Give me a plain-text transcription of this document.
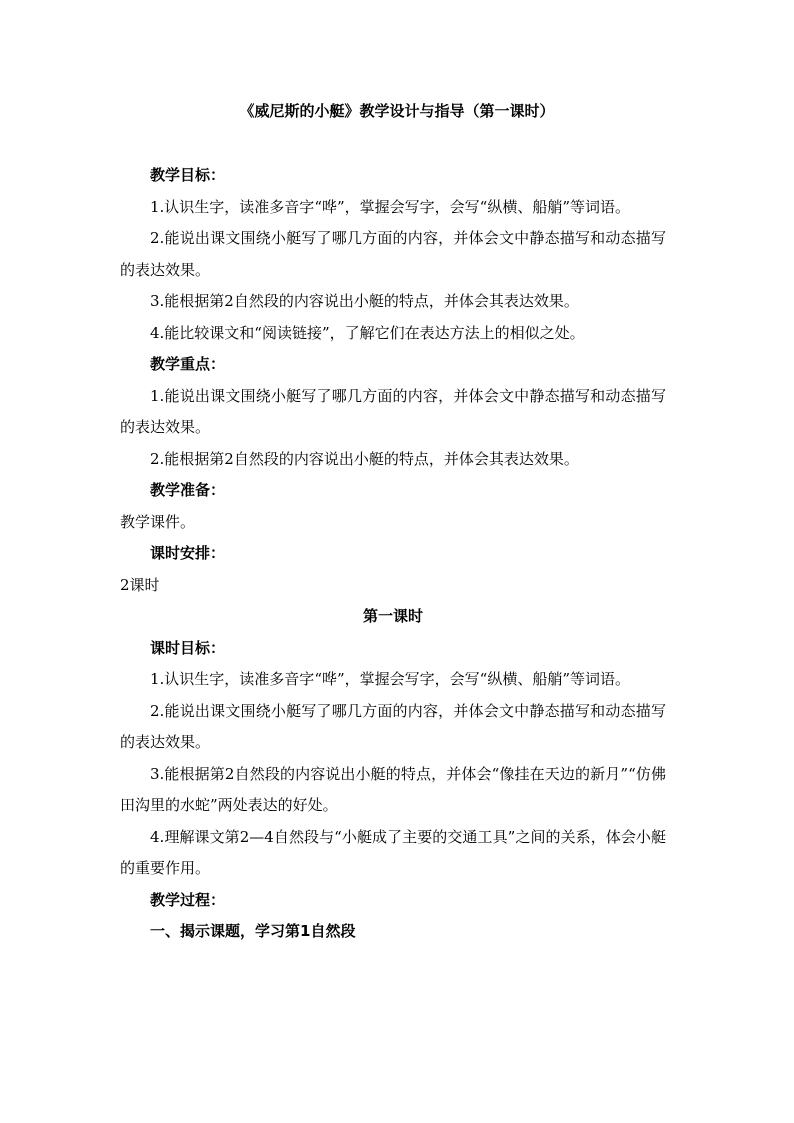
《威尼斯的小艇》教学设计与指导（第一课时）

教学目标：

1.认识生字，读准多音字“哗”，掌握会写字，会写“纵横、船艄”等词语。

2.能说出课文围绕小艇写了哪几方面的内容，并体会文中静态描写和动态描写的表达效果。

3.能根据第2自然段的内容说出小艇的特点，并体会其表达效果。

4.能比较课文和“阅读链接”，了解它们在表达方法上的相似之处。

教学重点：

1.能说出课文围绕小艇写了哪几方面的内容，并体会文中静态描写和动态描写的表达效果。

2.能根据第2自然段的内容说出小艇的特点，并体会其表达效果。

教学准备：

教学课件。

课时安排：

2课时

第一课时

课时目标：

1.认识生字，读准多音字“哗”，掌握会写字，会写“纵横、船艄”等词语。

2.能说出课文围绕小艇写了哪几方面的内容，并体会文中静态描写和动态描写的表达效果。

3.能根据第2自然段的内容说出小艇的特点，并体会“像挂在天边的新月”“仿佛田沟里的水蛇”两处表达的好处。

4.理解课文第2—4自然段与“小艇成了主要的交通工具”之间的关系，体会小艇的重要作用。

教学过程：

一、揭示课题，学习第1自然段
